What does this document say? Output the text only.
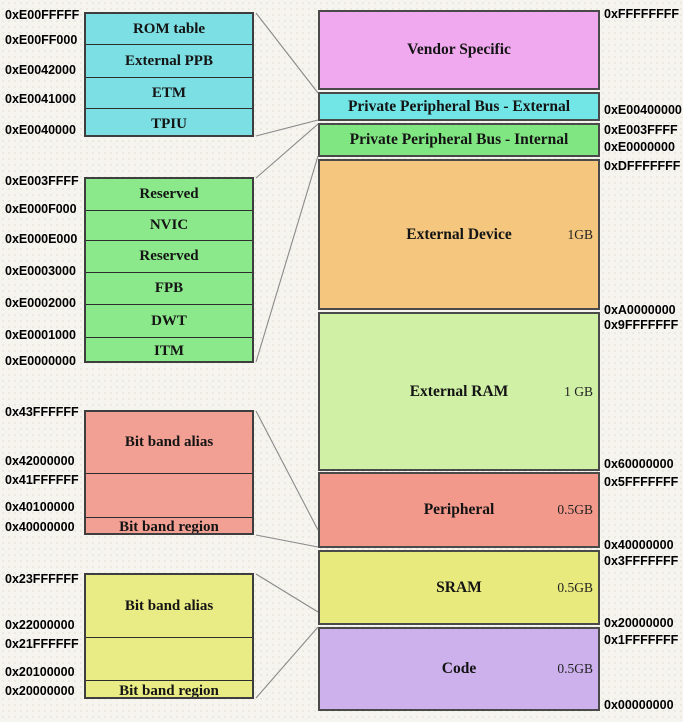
ROM table
External PPB
ETM
TPIU
0xE00FFFFF
0xE00FF000
0xE0042000
0xE0041000
0xE0040000
Reserved
NVIC
Reserved
FPB
DWT
ITM
0xE003FFFF
0xE000F000
0xE000E000
0xE0003000
0xE0002000
0xE0001000
0xE0000000
Bit band alias
Bit band region
0x43FFFFFF
0x42000000
0x41FFFFFF
0x40100000
0x40000000
Bit band alias
Bit band region
0x23FFFFFF
0x22000000
0x21FFFFFF
0x20100000
0x20000000
Vendor Specific
Private Peripheral Bus - External
Private Peripheral Bus - Internal
External Device	1GB
External RAM	1 GB
Peripheral	0.5GB
SRAM	0.5GB
Code	0.5GB
0xFFFFFFFF
0xE00400000
0xE003FFFF
0xE0000000
0xDFFFFFFF
0xA0000000
0x9FFFFFFF
0x60000000
0x5FFFFFFF
0x40000000
0x3FFFFFFF
0x20000000
0x1FFFFFFF
0x00000000
